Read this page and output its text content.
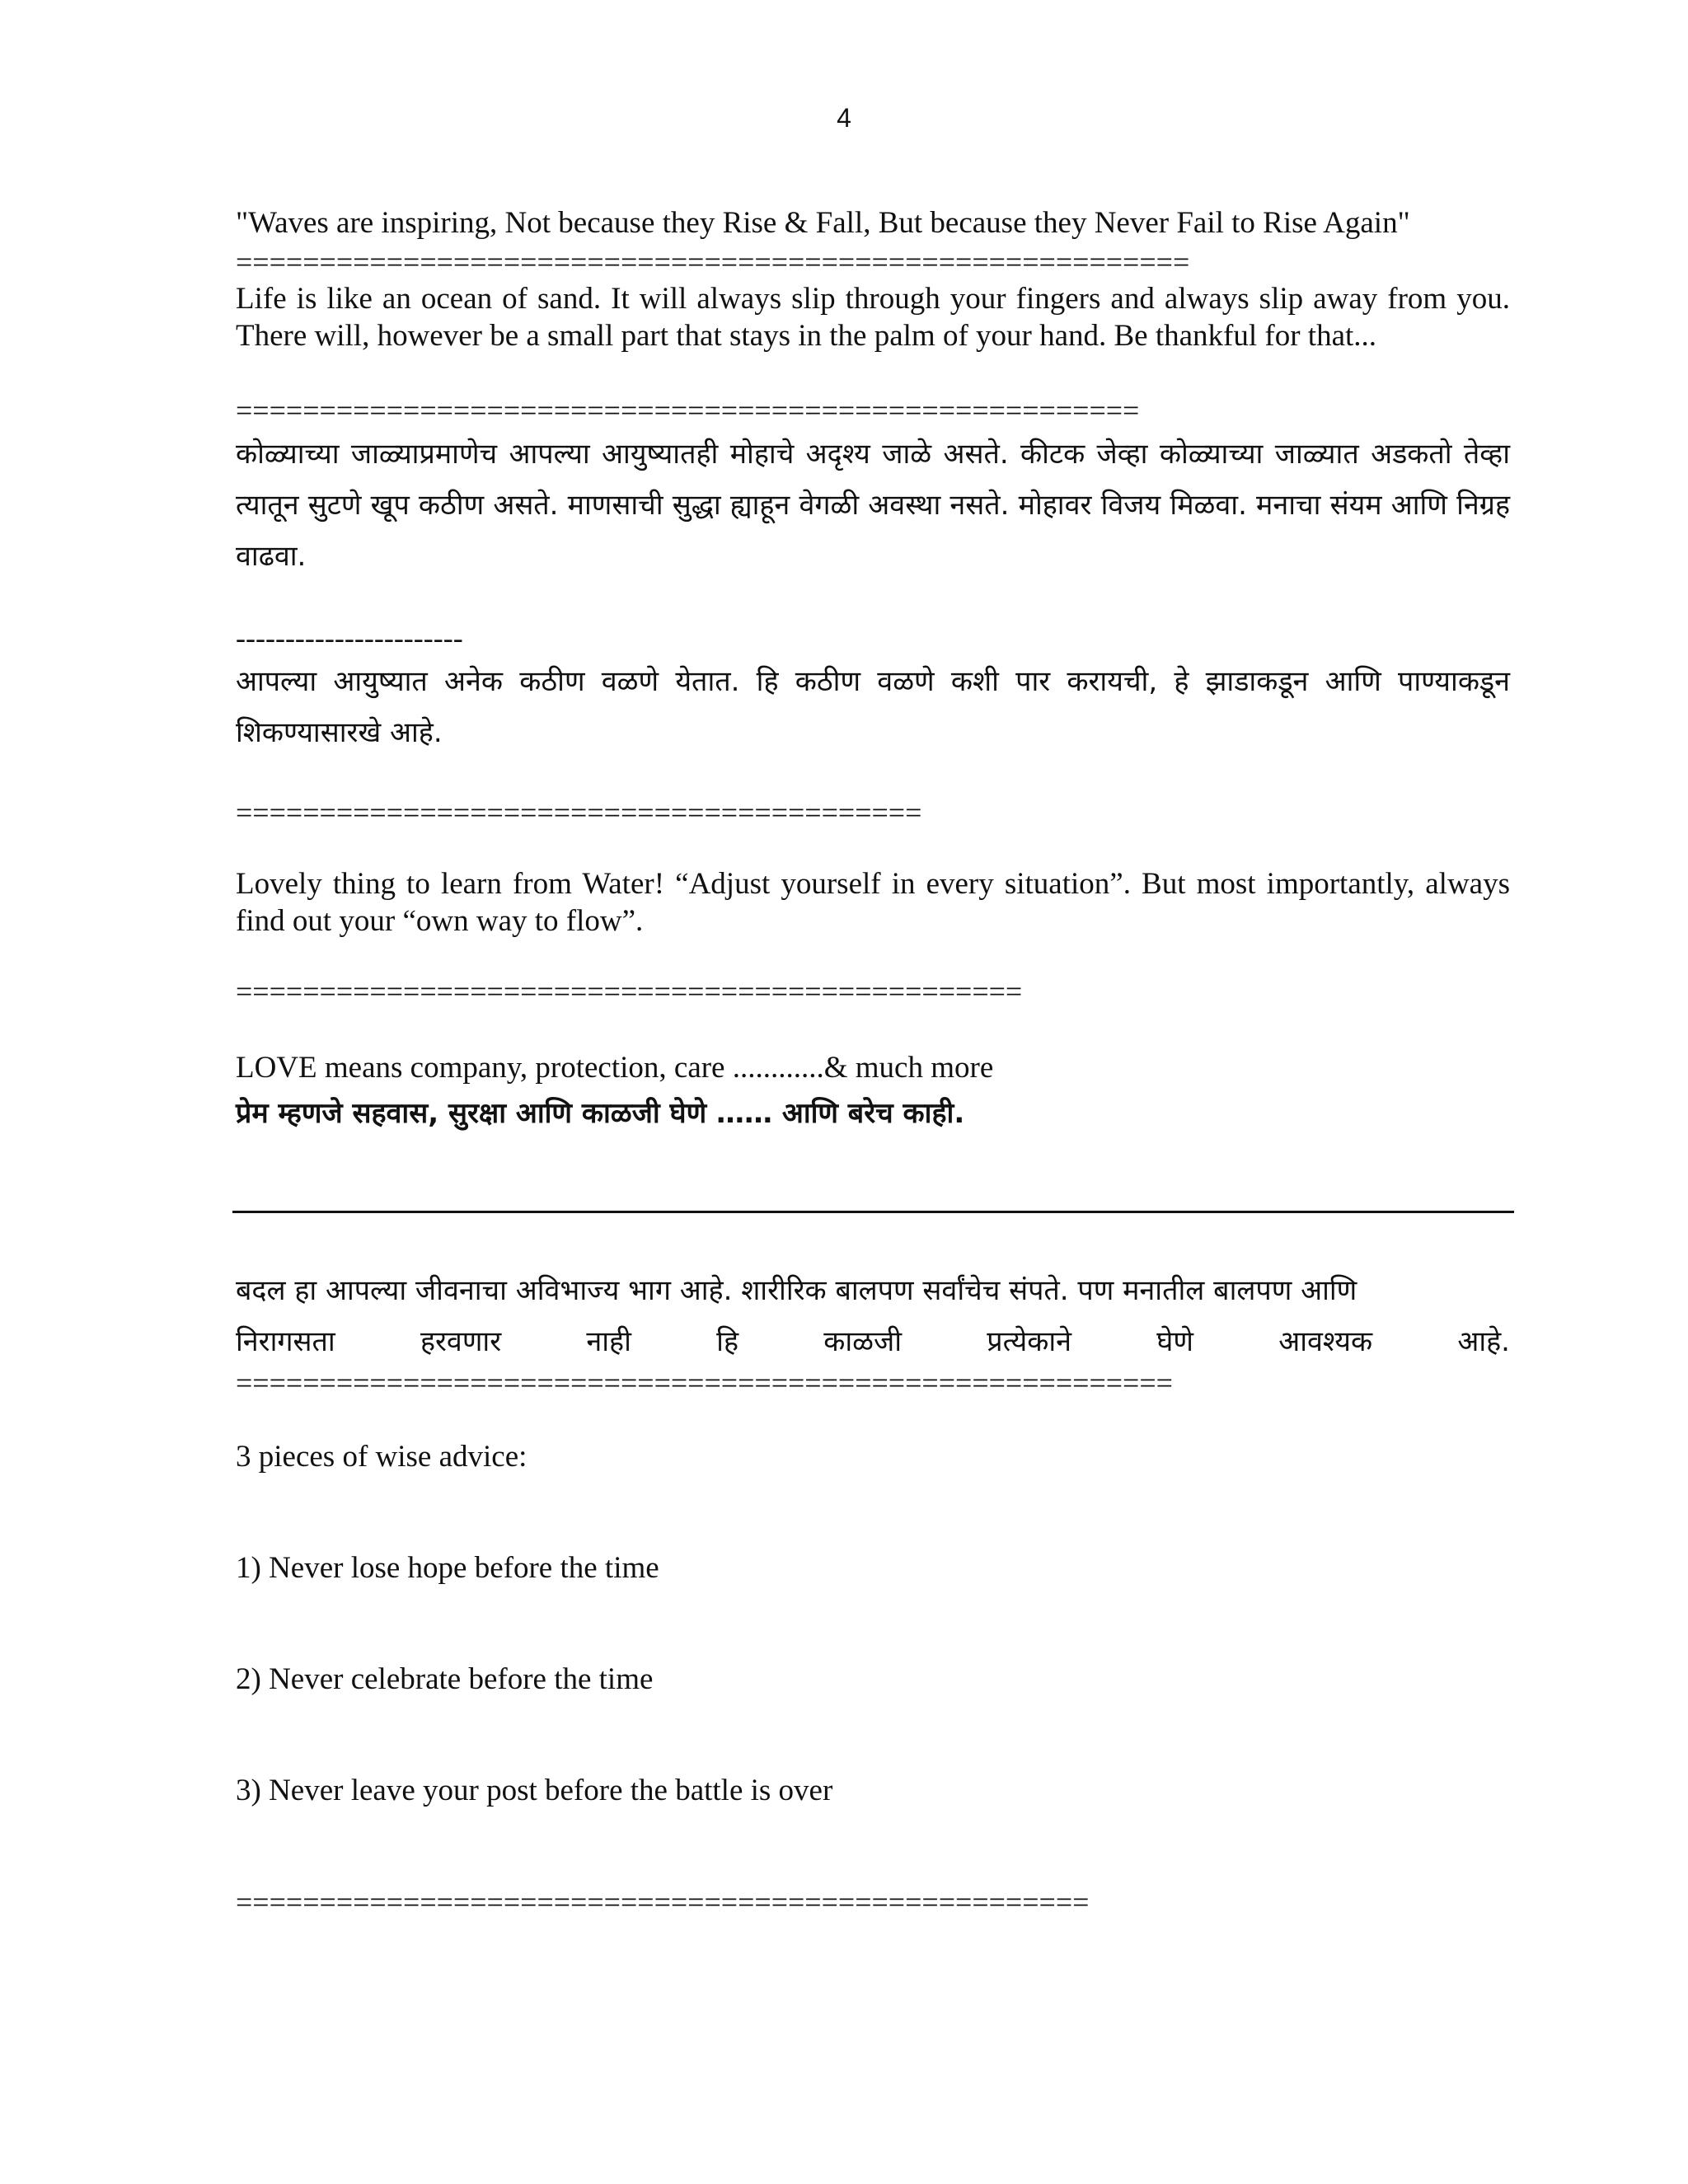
4

"Waves are inspiring, Not because they Rise & Fall, But because they Never Fail to Rise Again"

=========================================================

Life is like an ocean of sand. It will always slip through your fingers and always slip away from you. There will, however be a small part that stays in the palm of your hand. Be thankful for that...

======================================================

कोळ्याच्या जाळ्याप्रमाणेच आपल्या आयुष्यातही मोहाचे अदृश्य जाळे असते. कीटक जेव्हा कोळ्याच्या जाळ्यात अडकतो तेव्हा त्यातून सुटणे खूप कठीण असते. माणसाची सुद्धा ह्याहून वेगळी अवस्था नसते. मोहावर विजय मिळवा. मनाचा संयम आणि निग्रह वाढवा.

-----------------------

आपल्या आयुष्यात अनेक कठीण वळणे येतात. हि कठीण वळणे कशी पार करायची, हे झाडाकडून आणि पाण्याकडून शिकण्यासारखे आहे.

=========================================

Lovely thing to learn from Water! “Adjust yourself in every situation”. But most importantly, always find out your “own way to flow”.

===============================================

LOVE means company, protection, care ............& much more

प्रेम म्हणजे सहवास, सुरक्षा आणि काळजी घेणे …… आणि बरेच काही.

बदल हा आपल्या जीवनाचा अविभाज्य भाग आहे. शारीरिक बालपण सर्वांचेच संपते. पण मनातील बालपण आणि

निरागसता हरवणार नाही हि काळजी प्रत्येकाने घेणे आवश्यक आहे.

========================================================

3 pieces of wise advice:

1) Never lose hope before the time

2) Never celebrate before the time

3) Never leave your post before the battle is over

===================================================
